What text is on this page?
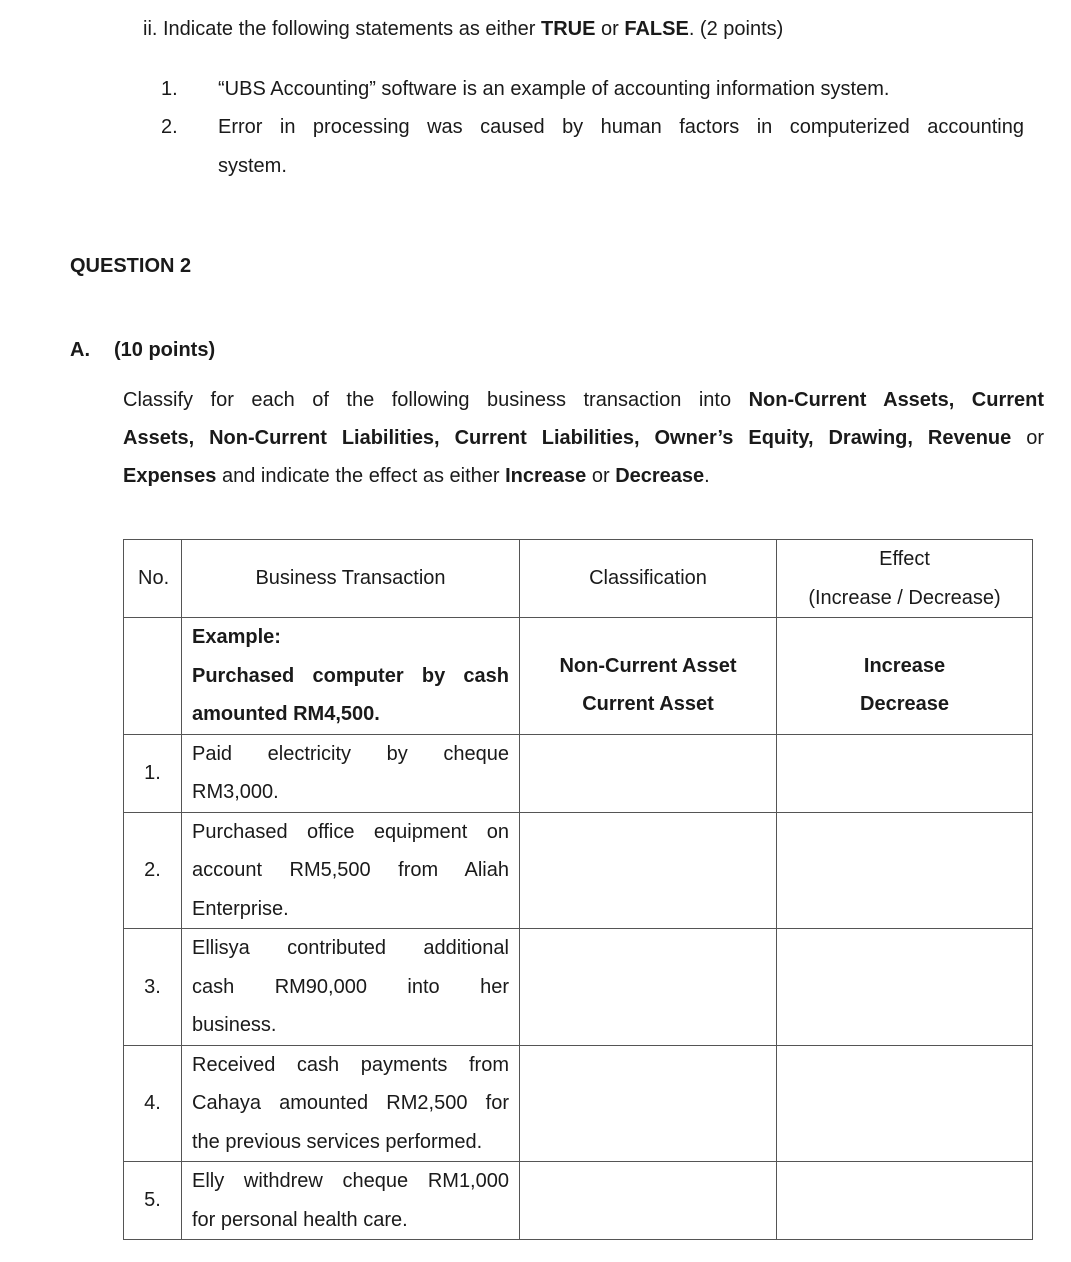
ii. Indicate the following statements as either TRUE or FALSE. (2 points)
1. “UBS Accounting” software is an example of accounting information system.
2. Error in processing was caused by human factors in computerized accounting
system.
QUESTION 2
A. (10 points)
Classify for each of the following business transaction into Non-Current Assets, Current
Assets, Non-Current Liabilities, Current Liabilities, Owner’s Equity, Drawing, Revenue or
Expenses and indicate the effect as either Increase or Decrease.
No.	Business Transaction	Classification	Effect
(Increase / Decrease)

	Example:
Purchased computer by cash
amounted RM4,500.	Non-Current Asset
Current Asset	Increase
Decrease

1.	Paid electricity by cheque
RM3,000.		

2.	Purchased office equipment on
account RM5,500 from Aliah
Enterprise.		

3.	Ellisya contributed additional
cash RM90,000 into her
business.		

4.	Received cash payments from
Cahaya amounted RM2,500 for
the previous services performed.		

5.	Elly withdrew cheque RM1,000
for personal health care.		
